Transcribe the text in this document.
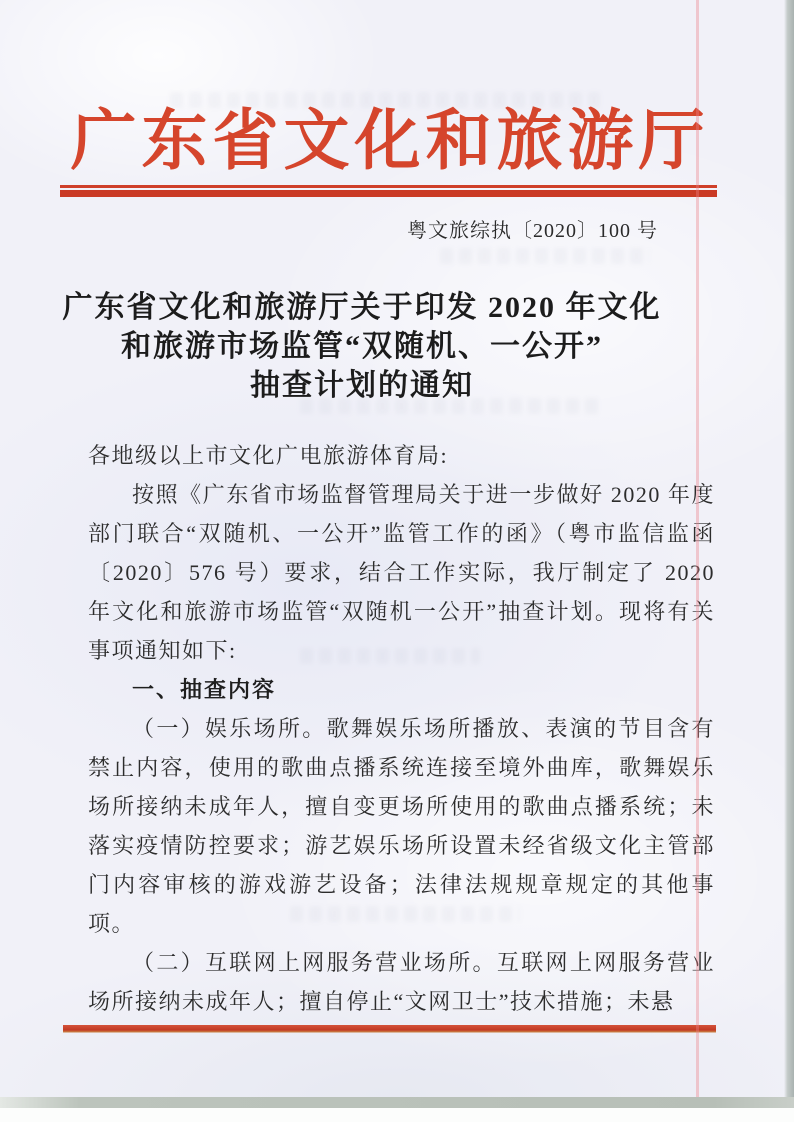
广东省文化和旅游厅
粤文旅综执〔2020〕100 号
广东省文化和旅游厅关于印发 2020 年文化
和旅游市场监管“双随机、一公开”
抽查计划的通知

各地级以上市文化广电旅游体育局:

按照《广东省市场监督管理局关于进一步做好 2020 年度部门联合“双随机、一公开”监管工作的函》（粤市监信监函〔2020〕576 号）要求，结合工作实际，我厅制定了 2020 年文化和旅游市场监管“双随机一公开”抽查计划。现将有关事项通知如下:

一、抽查内容

（一）娱乐场所。歌舞娱乐场所播放、表演的节目含有禁止内容，使用的歌曲点播系统连接至境外曲库，歌舞娱乐场所接纳未成年人，擅自变更场所使用的歌曲点播系统；未落实疫情防控要求；游艺娱乐场所设置未经省级文化主管部门内容审核的游戏游艺设备；法律法规规章规定的其他事项。

（二）互联网上网服务营业场所。互联网上网服务营业场所接纳未成年人；擅自停止“文网卫士”技术措施；未悬
